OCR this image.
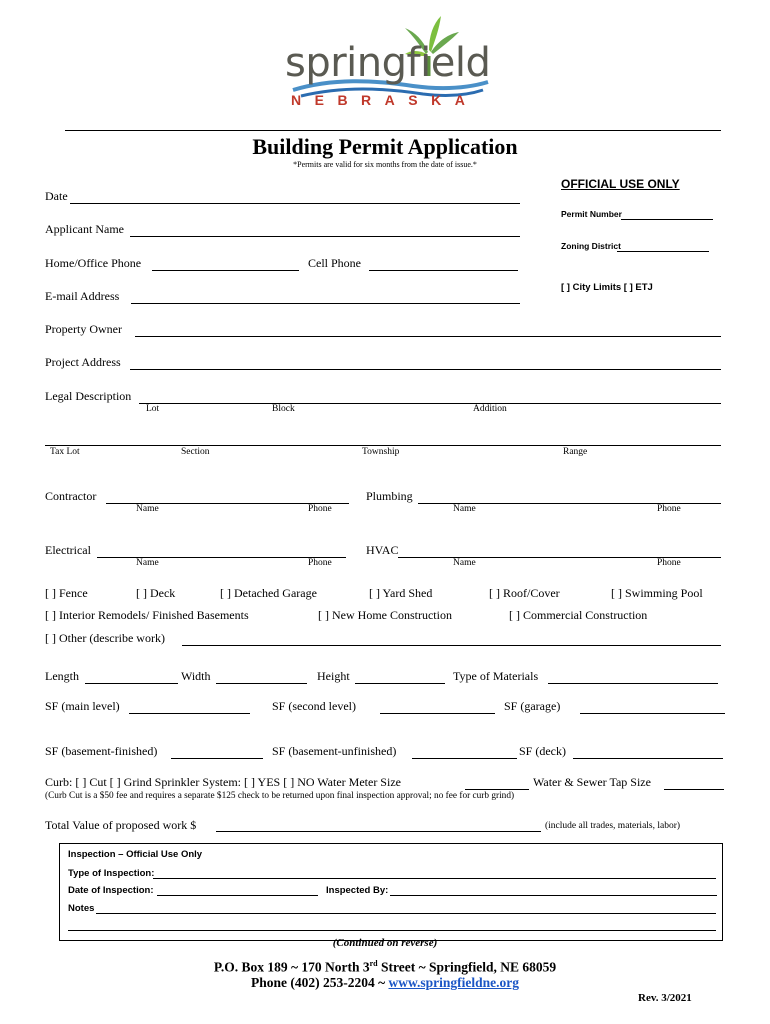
springfield
NEBRASKA
Building Permit Application
*Permits are valid for six months from the date of issue.*
OFFICIAL USE ONLY
Permit Number
Zoning District
[ ] City Limits [ ] ETJ
Date
Applicant Name
Home/Office Phone	Cell Phone
E-mail Address
Property Owner
Project Address
Legal Description
Lot	Block	Addition
Tax Lot	Section	Township	Range
Contractor
Name	Phone
Plumbing
Name	Phone
Electrical
Name	Phone
HVAC
Name	Phone
[ ] Fence	[ ] Deck	[ ] Detached Garage	[ ] Yard Shed	[ ] Roof/Cover	[ ] Swimming Pool
[ ] Interior Remodels/ Finished Basements	[ ] New Home Construction	[ ] Commercial Construction
[ ] Other (describe work)
Length	Width	Height	Type of Materials
SF (main level)	SF (second level)	SF (garage)
SF (basement-finished)	SF (basement-unfinished)	SF (deck)
Curb: [ ] Cut [ ] Grind Sprinkler System: [ ] YES [ ] NO Water Meter Size	Water & Sewer Tap Size
(Curb Cut is a $50 fee and requires a separate $125 check to be returned upon final inspection approval; no fee for curb grind)
Total Value of proposed work $	(include all trades, materials, labor)
Inspection – Official Use Only
Type of Inspection:
Date of Inspection:	Inspected By:
Notes
(Continued on reverse)
P.O. Box 189 ~ 170 North 3rd Street ~ Springfield, NE 68059
Phone (402) 253-2204 ~ www.springfieldne.org
Rev. 3/2021
